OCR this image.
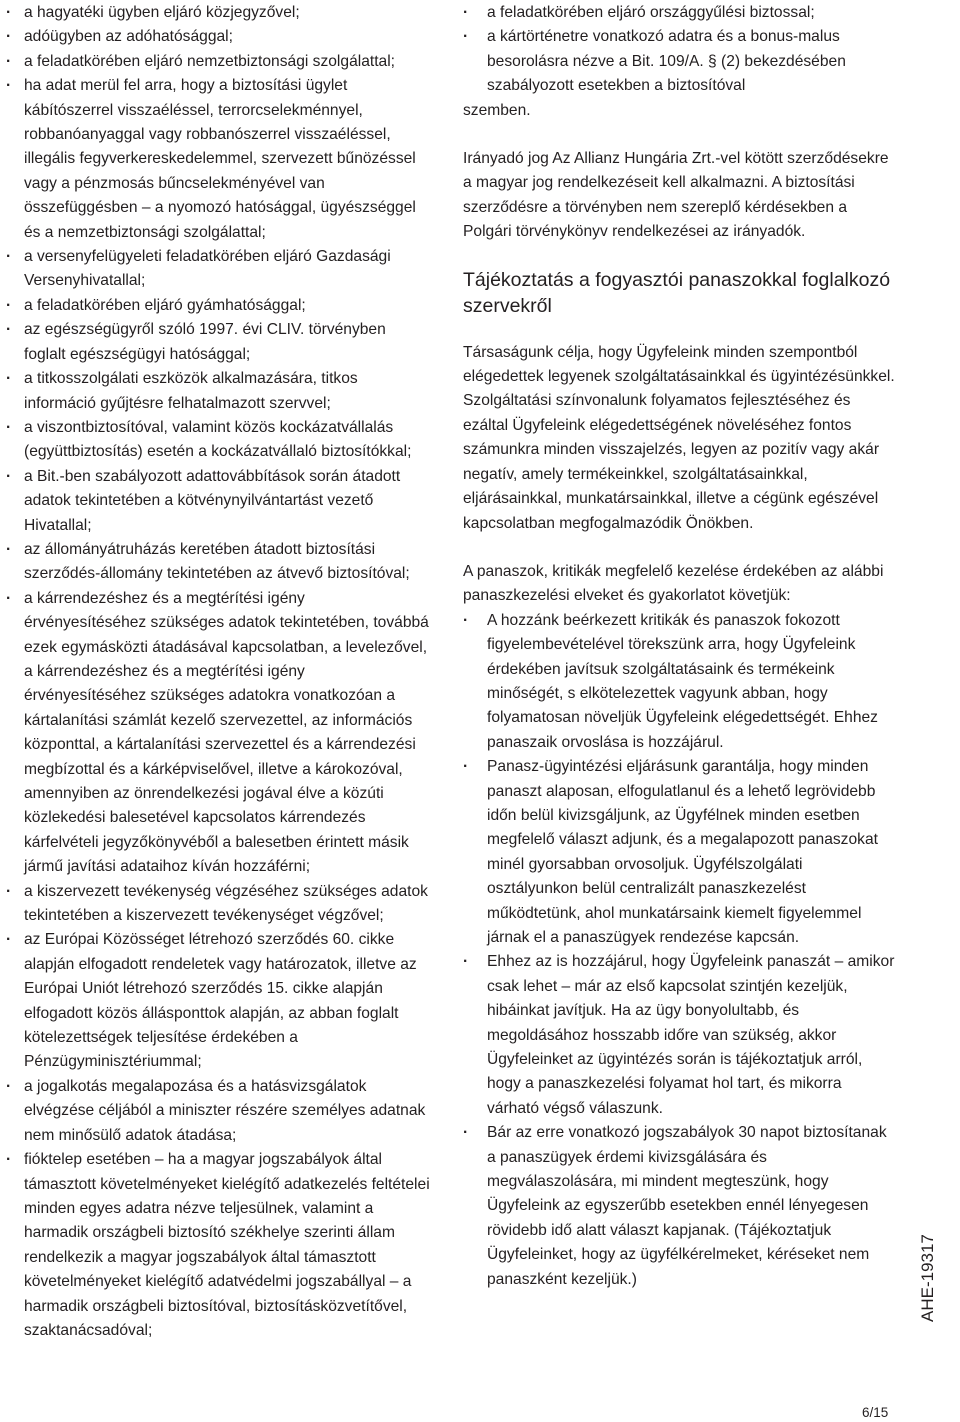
· a hagyatéki ügyben eljáró közjegyzővel;
· adóügyben az adóhatósággal;
· a feladatkörében eljáró nemzetbiztonsági szolgálattal;
· ha adat merül fel arra, hogy a biztosítási ügylet kábítószerrel visszaéléssel, terrorcselekménnyel, robbanóanyaggal vagy robbanószerrel visszaéléssel, illegális fegyverkereskedelemmel, szervezett bűnözéssel vagy a pénzmosás bűncselekményével van összefüggésben – a nyomozó hatósággal, ügyészséggel és a nemzetbiztonsági szolgálattal;
· a versenyfelügyeleti feladatkörében eljáró Gazdasági Versenyhivatallal;
· a feladatkörében eljáró gyámhatósággal;
· az egészségügyről szóló 1997. évi CLIV. törvényben foglalt egészségügyi hatósággal;
· a titkosszolgálati eszközök alkalmazására, titkos információ gyűjtésre felhatalmazott szervvel;
· a viszontbiztosítóval, valamint közös kockázatvállalás (együttbiztosítás) esetén a kockázatvállaló biztosítókkal;
· a Bit.-ben szabályozott adattovábbítások során átadott adatok tekintetében a kötvénynyilvántartást vezető Hivatallal;
· az állományátruházás keretében átadott biztosítási szerződés-állomány tekintetében az átvevő biztosítóval;
· a kárrendezéshez és a megtérítési igény érvényesítéséhez szükséges adatok tekintetében, továbbá ezek egymásközti átadásával kapcsolatban, a levelezővel, a kárrendezéshez és a megtérítési igény érvényesítéséhez szükséges adatokra vonatkozóan a kártalanítási számlát kezelő szervezettel, az információs központtal, a kártalanítási szervezettel és a kárrendezési megbízottal és a kárképviselővel, illetve a károkozóval, amennyiben az önrendelkezési jogával élve a közúti közlekedési balesetével kapcsolatos kárrendezés kárfelvételi jegyzőkönyvéből a balesetben érintett másik jármű javítási adataihoz kíván hozzáférni;
· a kiszervezett tevékenység végzéséhez szükséges adatok tekintetében a kiszervezett tevékenységet végzővel;
· az Európai Közösséget létrehozó szerződés 60. cikke alapján elfogadott rendeletek vagy határozatok, illetve az Európai Uniót létrehozó szerződés 15. cikke alapján elfogadott közös állásponttok alapján, az abban foglalt kötelezettségek teljesítése érdekében a Pénzügyminisztériummal;
· a jogalkotás megalapozása és a hatásvizsgálatok elvégzése céljából a miniszter részére személyes adatnak nem minősülő adatok átadása;
· fióktelep esetében – ha a magyar jogszabályok által támasztott követelményeket kielégítő adatkezelés feltételei minden egyes adatra nézve teljesülnek, valamint a harmadik országbeli biztosító székhelye szerinti állam rendelkezik a magyar jogszabályok által támasztott követelményeket kielégítő adatvédelmi jogszabállyal – a harmadik országbeli biztosítóval, biztosításközvetítővel, szaktanácsadóval;
· a feladatkörében eljáró országgyűlési biztossal;
· a kártörténetre vonatkozó adatra és a bonus-malus besorolásra nézve a Bit. 109/A. § (2) bekezdésében szabályozott esetekben a biztosítóval

szemben.

Irányadó jog Az Allianz Hungária Zrt.-vel kötött szerződésekre a magyar jog rendelkezéseit kell alkalmazni. A biztosítási szerződésre a törvényben nem szereplő kérdésekben a Polgári törvénykönyv rendelkezései az irányadók.

Tájékoztatás a fogyasztói panaszokkal foglalkozó szervekről

Társaságunk célja, hogy Ügyfeleink minden szempontból elégedettek legyenek szolgáltatásainkkal és ügyintézésünkkel. Szolgáltatási színvonalunk folyamatos fejlesztéséhez és ezáltal Ügyfeleink elégedettségének növeléséhez fontos számunkra minden visszajelzés, legyen az pozitív vagy akár negatív, amely termékeinkkel, szolgáltatásainkkal, eljárásainkkal, munkatársainkkal, illetve a cégünk egészével kapcsolatban megfogalmazódik Önökben.

A panaszok, kritikák megfelelő kezelése érdekében az alábbi panaszkezelési elveket és gyakorlatot követjük:

· A hozzánk beérkezett kritikák és panaszok fokozott figyelembevételével törekszünk arra, hogy Ügyfeleink érdekében javítsuk szolgáltatásaink és termékeink minőségét, s elkötelezettek vagyunk abban, hogy folyamatosan növeljük Ügyfeleink elégedettségét. Ehhez panaszaik orvoslása is hozzájárul.
· Panasz-ügyintézési eljárásunk garantálja, hogy minden panaszt alaposan, elfogulatlanul és a lehető legrövidebb időn belül kivizsgáljunk, az Ügyfélnek minden esetben megfelelő választ adjunk, és a megalapozott panaszokat minél gyorsabban orvosoljuk. Ügyfélszolgálati osztályunkon belül centralizált panaszkezelést működtetünk, ahol munkatársaink kiemelt figyelemmel járnak el a panaszügyek rendezése kapcsán.
· Ehhez az is hozzájárul, hogy Ügyfeleink panaszát – amikor csak lehet – már az első kapcsolat szintjén kezeljük, hibáinkat javítjuk. Ha az ügy bonyolultabb, és megoldásához hosszabb időre van szükség, akkor Ügyfeleinket az ügyintézés során is tájékoztatjuk arról, hogy a panaszkezelési folyamat hol tart, és mikorra várható végső válaszunk.
· Bár az erre vonatkozó jogszabályok 30 napot biztosítanak a panaszügyek érdemi kivizsgálására és megválaszolására, mi mindent megteszünk, hogy Ügyfeleink az egyszerűbb esetekben ennél lényegesen rövidebb idő alatt választ kapjanak. (Tájékoztatjuk Ügyfeleinket, hogy az ügyfélkérelmeket, kéréseket nem panaszként kezeljük.)	AHE-19317
6/15
